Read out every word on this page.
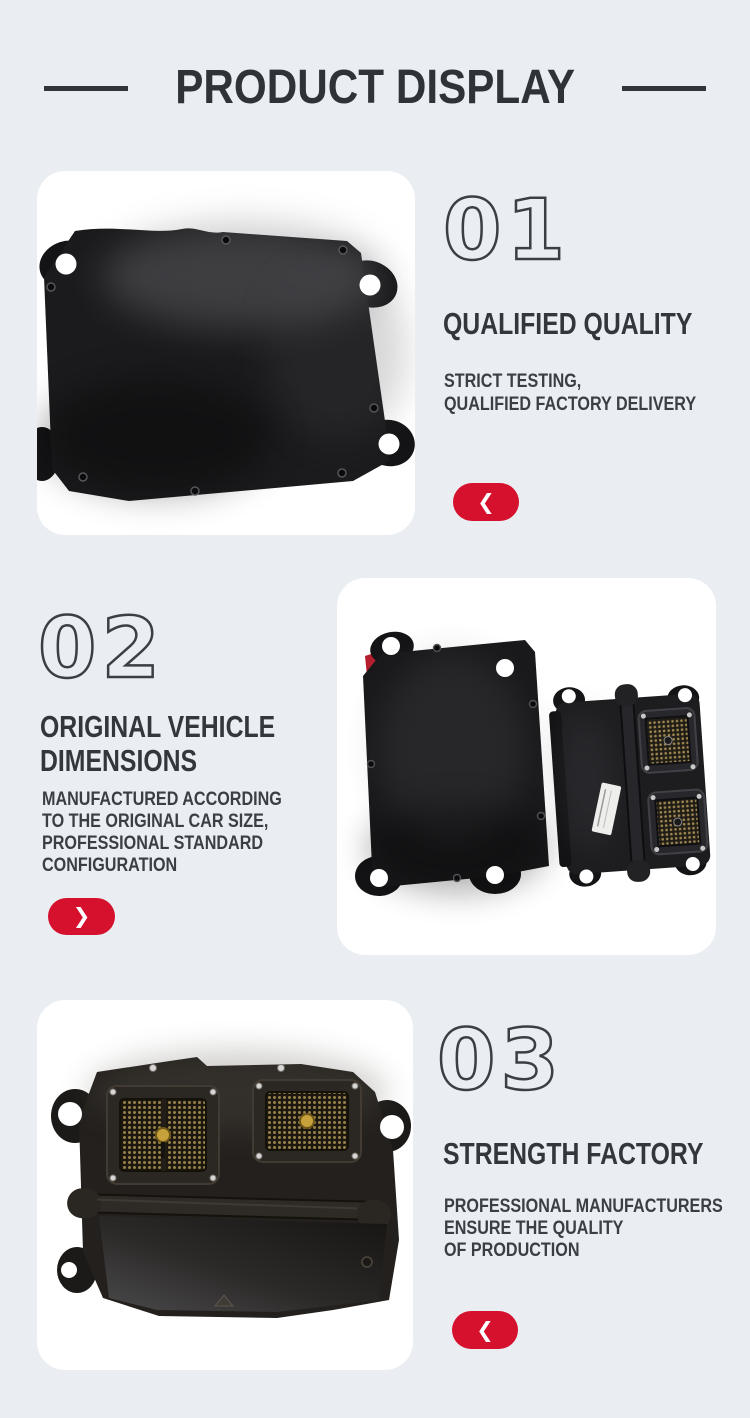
PRODUCT DISPLAY
01
QUALIFIED QUALITY
STRICT TESTING,
QUALIFIED FACTORY DELIVERY
❮
02
ORIGINAL VEHICLE
DIMENSIONS
MANUFACTURED ACCORDING
TO THE ORIGINAL CAR SIZE,
PROFESSIONAL STANDARD
CONFIGURATION
❯
03
STRENGTH FACTORY
PROFESSIONAL MANUFACTURERS
ENSURE THE QUALITY
OF PRODUCTION
❮
